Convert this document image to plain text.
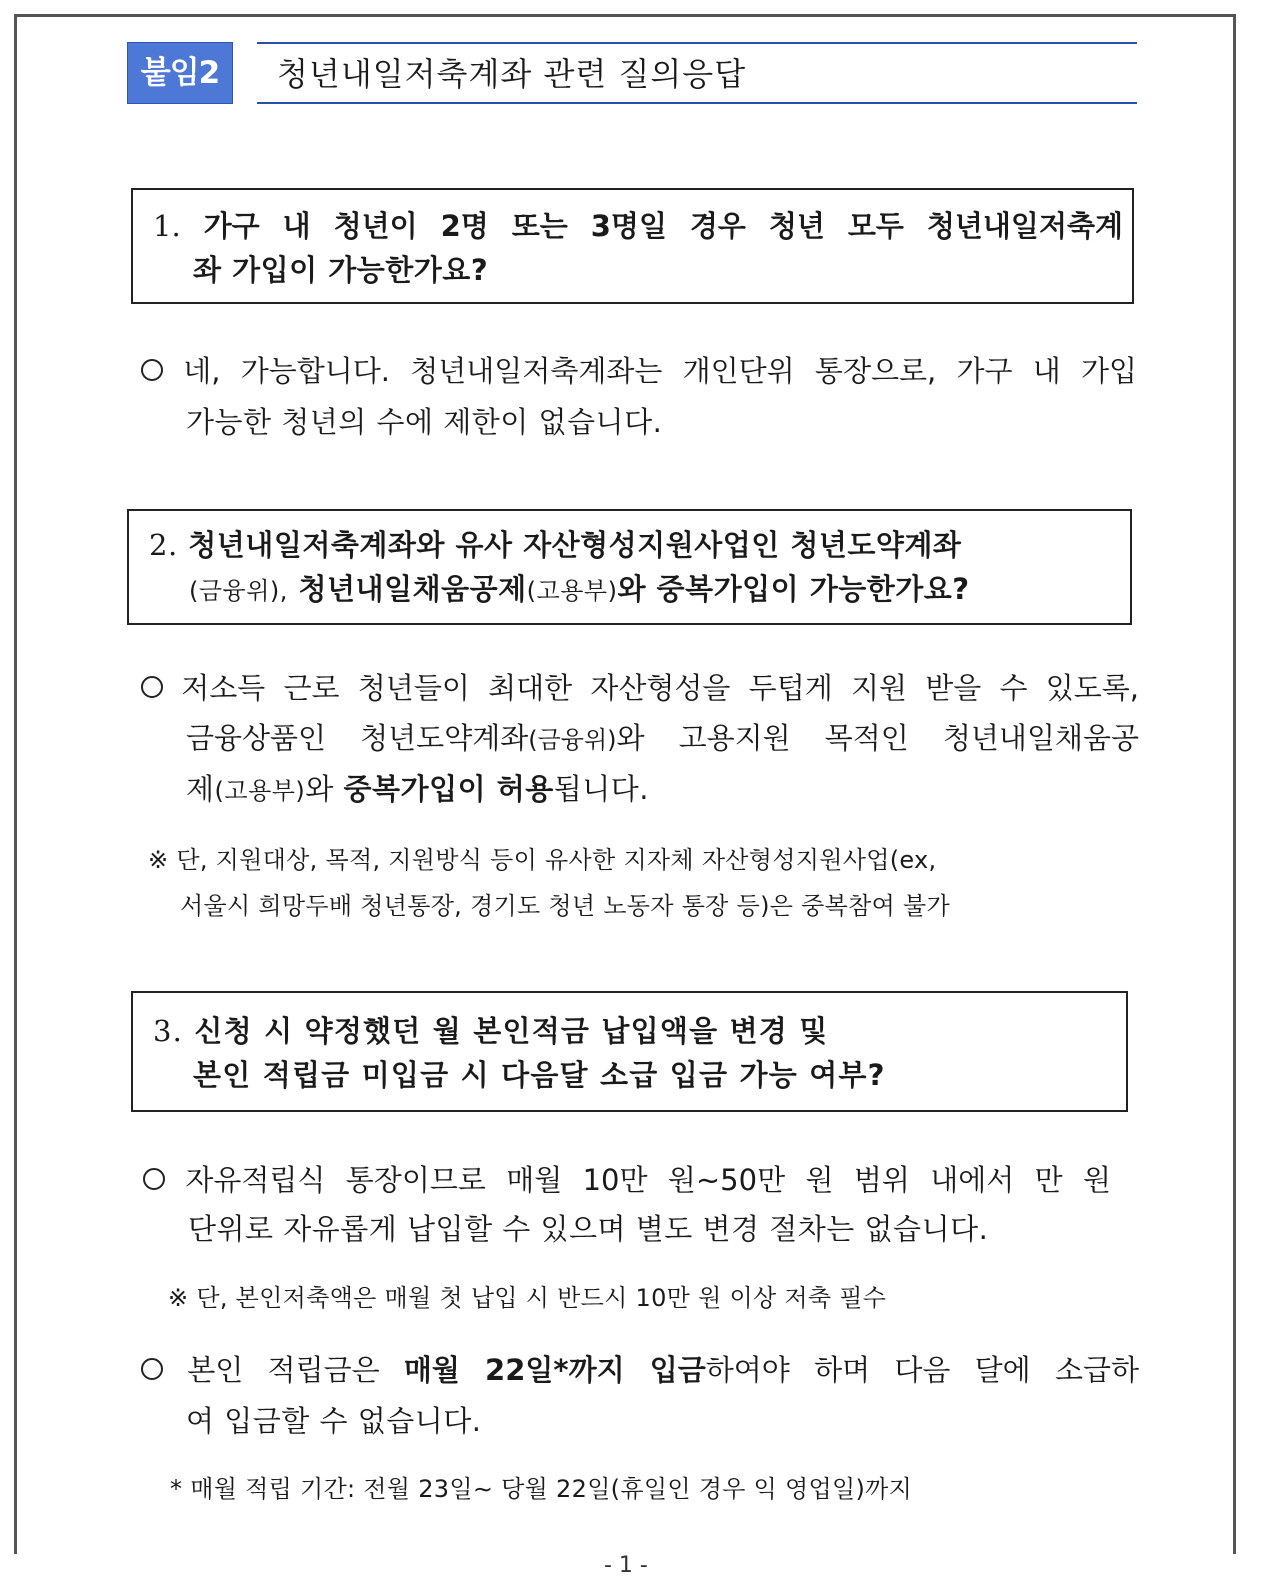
붙임2	청년내일저축계좌 관련 질의응답
1. 가구 내 청년이 2명 또는 3명일 경우 청년 모두 청년내일저축계
좌 가입이 가능한가요?
네, 가능합니다. 청년내일저축계좌는 개인단위 통장으로, 가구 내 가입
가능한 청년의 수에 제한이 없습니다.
2. 청년내일저축계좌와 유사 자산형성지원사업인 청년도약계좌
(금융위), 청년내일채움공제(고용부)와 중복가입이 가능한가요?
저소득 근로 청년들이 최대한 자산형성을 두텁게 지원 받을 수 있도록,
금융상품인 청년도약계좌(금융위)와 고용지원 목적인 청년내일채움공
제(고용부)와 중복가입이 허용됩니다.
※ 단, 지원대상, 목적, 지원방식 등이 유사한 지자체 자산형성지원사업(ex,
서울시 희망두배 청년통장, 경기도 청년 노동자 통장 등)은 중복참여 불가
3. 신청 시 약정했던 월 본인적금 납입액을 변경 및
본인 적립금 미입금 시 다음달 소급 입금 가능 여부?
자유적립식 통장이므로 매월 10만 원∼50만 원 범위 내에서 만 원
단위로 자유롭게 납입할 수 있으며 별도 변경 절차는 없습니다.
※ 단, 본인저축액은 매월 첫 납입 시 반드시 10만 원 이상 저축 필수
본인 적립금은 매월 22일*까지 입금하여야 하며 다음 달에 소급하
여 입금할 수 없습니다.
* 매월 적립 기간: 전월 23일∼ 당월 22일(휴일인 경우 익 영업일)까지
- 1 -
